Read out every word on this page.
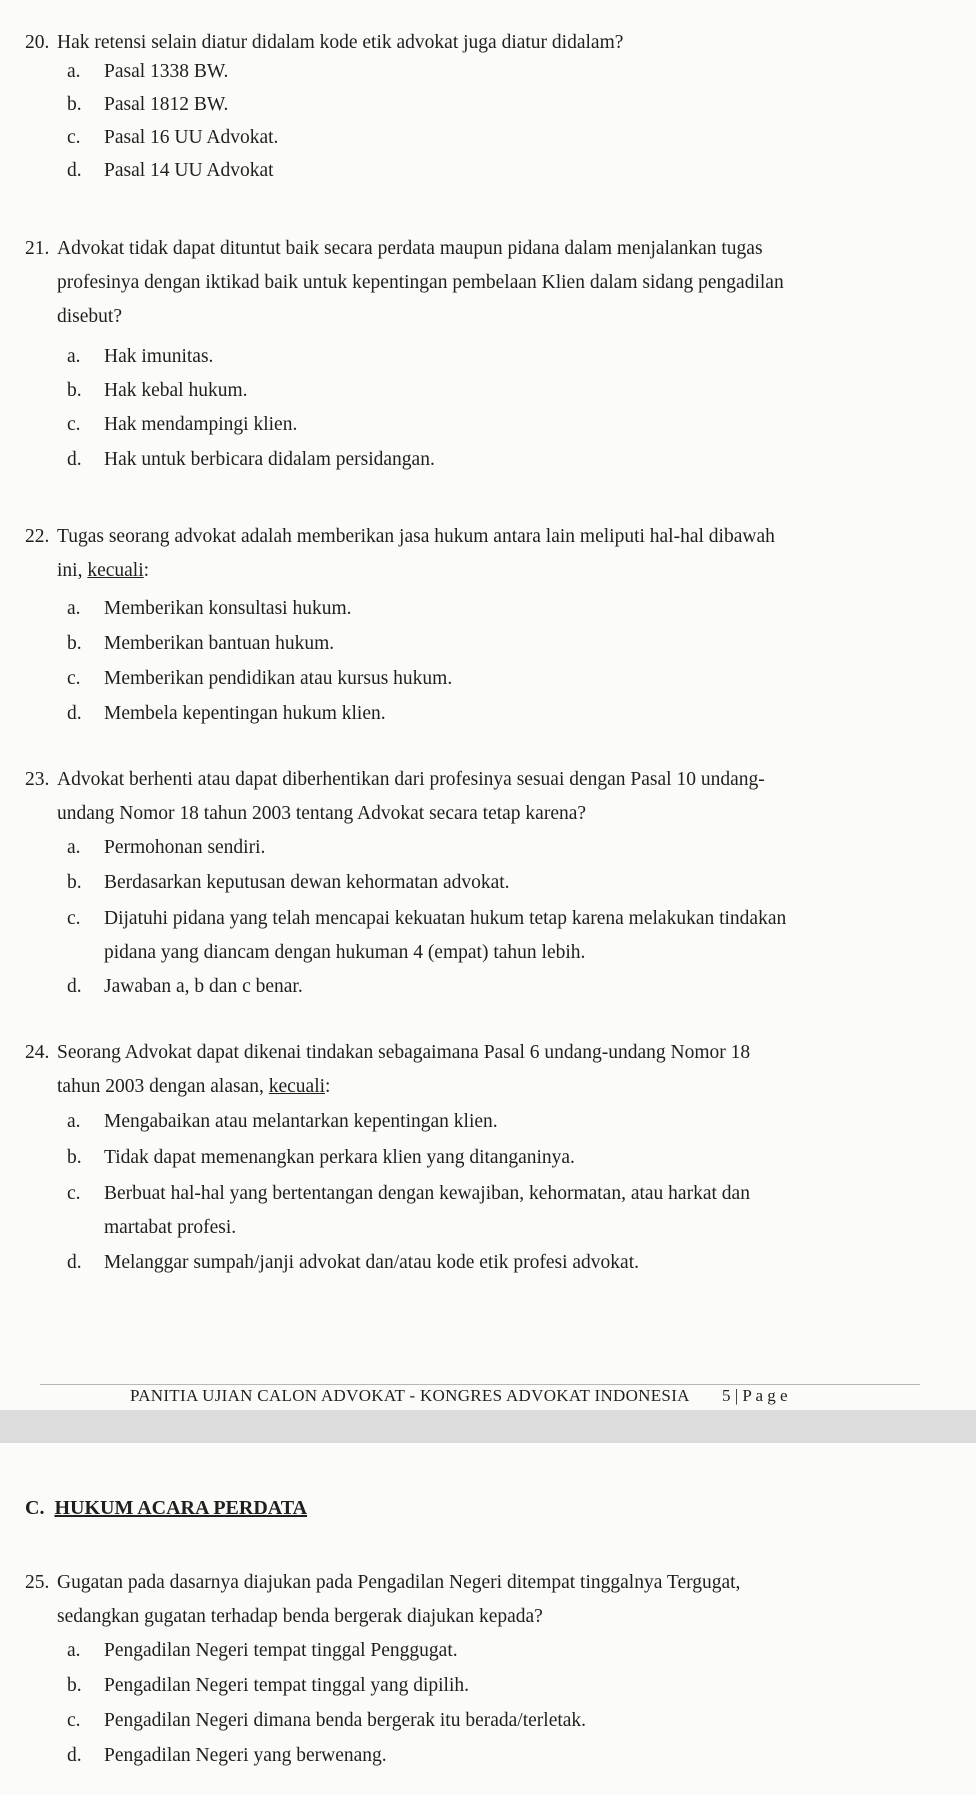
20. Hak retensi selain diatur didalam kode etik advokat juga diatur didalam?
a. Pasal 1338 BW.
b. Pasal 1812 BW.
c. Pasal 16 UU Advokat.
d. Pasal 14 UU Advokat
21. Advokat tidak dapat dituntut baik secara perdata maupun pidana dalam menjalankan tugas
profesinya dengan iktikad baik untuk kepentingan pembelaan Klien dalam sidang pengadilan
disebut?
a. Hak imunitas.
b. Hak kebal hukum.
c. Hak mendampingi klien.
d. Hak untuk berbicara didalam persidangan.
22. Tugas seorang advokat adalah memberikan jasa hukum antara lain meliputi hal-hal dibawah
ini, kecuali:
a. Memberikan konsultasi hukum.
b. Memberikan bantuan hukum.
c. Memberikan pendidikan atau kursus hukum.
d. Membela kepentingan hukum klien.
23. Advokat berhenti atau dapat diberhentikan dari profesinya sesuai dengan Pasal 10 undang-
undang Nomor 18 tahun 2003 tentang Advokat secara tetap karena?
a. Permohonan sendiri.
b. Berdasarkan keputusan dewan kehormatan advokat.
c. Dijatuhi pidana yang telah mencapai kekuatan hukum tetap karena melakukan tindakan
pidana yang diancam dengan hukuman 4 (empat) tahun lebih.
d. Jawaban a, b dan c benar.
24. Seorang Advokat dapat dikenai tindakan sebagaimana Pasal 6 undang-undang Nomor 18
tahun 2003 dengan alasan, kecuali:
a. Mengabaikan atau melantarkan kepentingan klien.
b. Tidak dapat memenangkan perkara klien yang ditanganinya.
c. Berbuat hal-hal yang bertentangan dengan kewajiban, kehormatan, atau harkat dan
martabat profesi.
d. Melanggar sumpah/janji advokat dan/atau kode etik profesi advokat.
PANITIA UJIAN CALON ADVOKAT - KONGRES ADVOKAT INDONESIA 5 | P a g e
C. HUKUM ACARA PERDATA
25. Gugatan pada dasarnya diajukan pada Pengadilan Negeri ditempat tinggalnya Tergugat,
sedangkan gugatan terhadap benda bergerak diajukan kepada?
a. Pengadilan Negeri tempat tinggal Penggugat.
b. Pengadilan Negeri tempat tinggal yang dipilih.
c. Pengadilan Negeri dimana benda bergerak itu berada/terletak.
d. Pengadilan Negeri yang berwenang.
